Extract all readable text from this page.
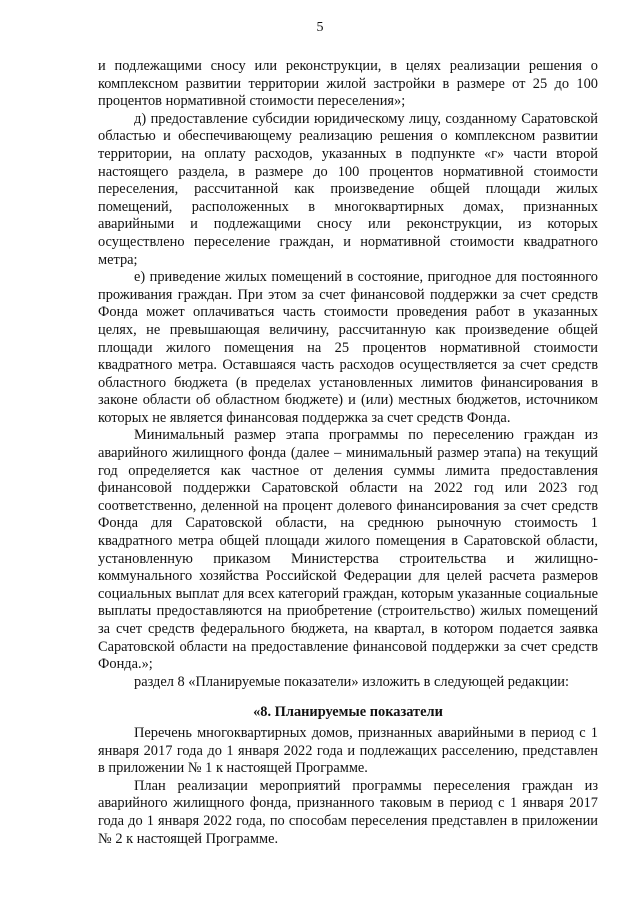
5

и подлежащими сносу или реконструкции, в целях реализации решения о комплексном развитии территории жилой застройки в размере от 25 до 100 процентов нормативной стоимости переселения»;

д) предоставление субсидии юридическому лицу, созданному Саратовской областью и обеспечивающему реализацию решения о комплексном развитии территории, на оплату расходов, указанных в подпункте «г» части второй настоящего раздела, в размере до 100 процентов нормативной стоимости переселения, рассчитанной как произведение общей площади жилых помещений, расположенных в многоквартирных домах, признанных аварийными и подлежащими сносу или реконструкции, из которых осуществлено переселение граждан, и нормативной стоимости квадратного метра;

е) приведение жилых помещений в состояние, пригодное для постоянного проживания граждан. При этом за счет финансовой поддержки за счет средств Фонда может оплачиваться часть стоимости проведения работ в указанных целях, не превышающая величину, рассчитанную как произведение общей площади жилого помещения на 25 процентов нормативной стоимости квадратного метра. Оставшаяся часть расходов осуществляется за счет средств областного бюджета (в пределах установленных лимитов финансирования в законе области об областном бюджете) и (или) местных бюджетов, источником которых не является финансовая поддержка за счет средств Фонда.

Минимальный размер этапа программы по переселению граждан из аварийного жилищного фонда (далее – минимальный размер этапа) на текущий год определяется как частное от деления суммы лимита предоставления финансовой поддержки Саратовской области на 2022 год или 2023 год соответственно, деленной на процент долевого финансирования за счет средств Фонда для Саратовской области, на среднюю рыночную стоимость 1 квадратного метра общей площади жилого помещения в Саратовской области, установленную приказом Министерства строительства и жилищно-коммунального хозяйства Российской Федерации для целей расчета размеров социальных выплат для всех категорий граждан, которым указанные социальные выплаты предоставляются на приобретение (строительство) жилых помещений за счет средств федерального бюджета, на квартал, в котором подается заявка Саратовской области на предоставление финансовой поддержки за счет средств Фонда.»;

раздел 8 «Планируемые показатели» изложить в следующей редакции:

«8. Планируемые показатели

Перечень многоквартирных домов, признанных аварийными в период с 1 января 2017 года до 1 января 2022 года и подлежащих расселению, представлен в приложении № 1 к настоящей Программе.

План реализации мероприятий программы переселения граждан из аварийного жилищного фонда, признанного таковым в период с 1 января 2017 года до 1 января 2022 года, по способам переселения представлен в приложении № 2 к настоящей Программе.
